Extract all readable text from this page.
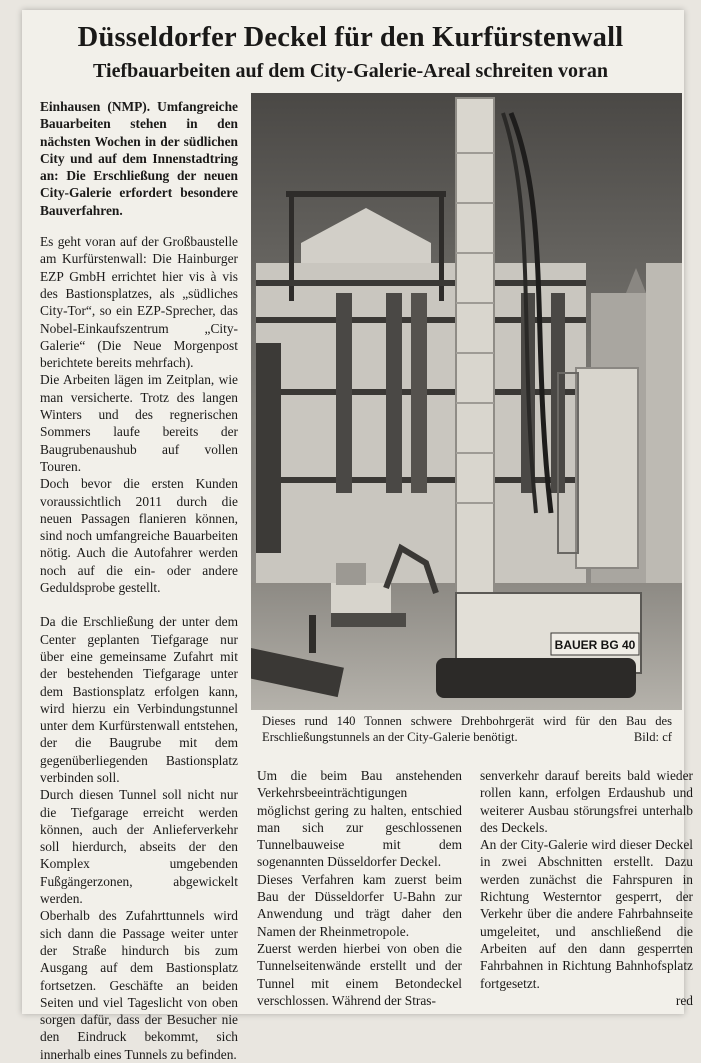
Düsseldorfer Deckel für den Kurfürstenwall
Tiefbauarbeiten auf dem City-Galerie-Areal schreiten voran

Einhausen (NMP). Umfangreiche Bauarbeiten stehen in den nächsten Wochen in der südlichen City und auf dem Innenstadtring an: Die Erschließung der neuen City-Galerie erfordert besondere Bauverfahren.

Es geht voran auf der Großbaustelle am Kurfürstenwall: Die Hainburger EZP GmbH errichtet hier vis à vis des Bastionsplatzes, als „südliches City-Tor“, so ein EZP-Sprecher, das Nobel-Einkaufszentrum „City-Galerie“ (Die Neue Morgenpost berichtete bereits mehrfach).

Die Arbeiten lägen im Zeitplan, wie man versicherte. Trotz des langen Winters und des regnerischen Sommers laufe bereits der Baugrubenaushub auf vollen Touren.

Doch bevor die ersten Kunden voraussichtlich 2011 durch die neuen Passagen flanieren können, sind noch umfangreiche Bauarbeiten nötig. Auch die Autofahrer werden noch auf die ein- oder andere Geduldsprobe gestellt.

Da die Erschließung der unter dem Center geplanten Tiefgarage nur über eine gemeinsame Zufahrt mit der bestehenden Tiefgarage unter dem Bastionsplatz erfolgen kann, wird hierzu ein Verbindungstunnel unter dem Kurfürstenwall entstehen, der die Baugrube mit dem gegenüberliegenden Bastionsplatz verbinden soll.

Durch diesen Tunnel soll nicht nur die Tiefgarage erreicht werden können, auch der Anlieferverkehr soll hierdurch, abseits der den Komplex umgebenden Fußgängerzonen, abgewickelt werden.

Oberhalb des Zufahrttunnels wird sich dann die Passage weiter unter der Straße hindurch bis zum Ausgang auf dem Bastionsplatz fortsetzen. Geschäfte an beiden Seiten und viel Tageslicht von oben sorgen dafür, dass der Besucher nie den Eindruck bekommt, sich innerhalb eines Tunnels zu befinden.

BAUER BG 40
Dieses rund 140 Tonnen schwere Drehbohrgerät wird für den Bau des Erschließungstunnels an der City-Galerie benötigt.	Bild: cf

Um die beim Bau anstehenden Verkehrsbeeinträchtigungen möglichst gering zu halten, entschied man sich zur geschlossenen Tunnelbauweise mit dem sogenannten Düsseldorfer Deckel.

Dieses Verfahren kam zuerst beim Bau der Düsseldorfer U-Bahn zur Anwendung und trägt daher den Namen der Rheinmetropole.

Zuerst werden hierbei von oben die Tunnelseitenwände erstellt und der Tunnel mit einem Betondeckel verschlossen. Während der Stras-

senverkehr darauf bereits bald wieder rollen kann, erfolgen Erdaushub und weiterer Ausbau störungsfrei unterhalb des Deckels.

An der City-Galerie wird dieser Deckel in zwei Abschnitten erstellt. Dazu werden zunächst die Fahrspuren in Richtung Westerntor gesperrt, der Verkehr über die andere Fahrbahnseite umgeleitet, und anschließend die Arbeiten auf den dann gesperrten Fahrbahnen in Richtung Bahnhofsplatz fortgesetzt.

red
